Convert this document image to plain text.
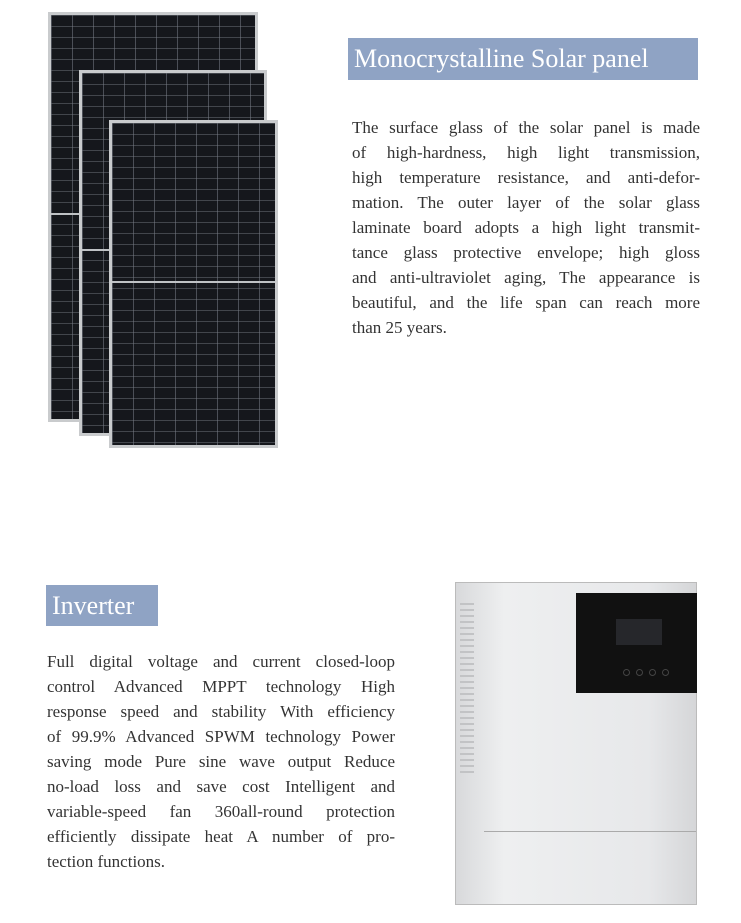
Monocrystalline Solar panel
The surface glass of the solar panel is made
of high-hardness, high light transmission,
high temperature resistance, and anti-defor-
mation. The outer layer of the solar glass
laminate board adopts a high light transmit-
tance glass protective envelope; high gloss
and anti-ultraviolet aging, The appearance is
beautiful, and the life span can reach more
than 25 years.
Inverter
Full digital voltage and current closed-loop
control Advanced MPPT technology High
response speed and stability With efficiency
of 99.9% Advanced SPWM technology Power
saving mode Pure sine wave output Reduce
no-load loss and save cost Intelligent and
variable-speed fan 360all-round protection
efficiently dissipate heat A number of pro-
tection functions.
